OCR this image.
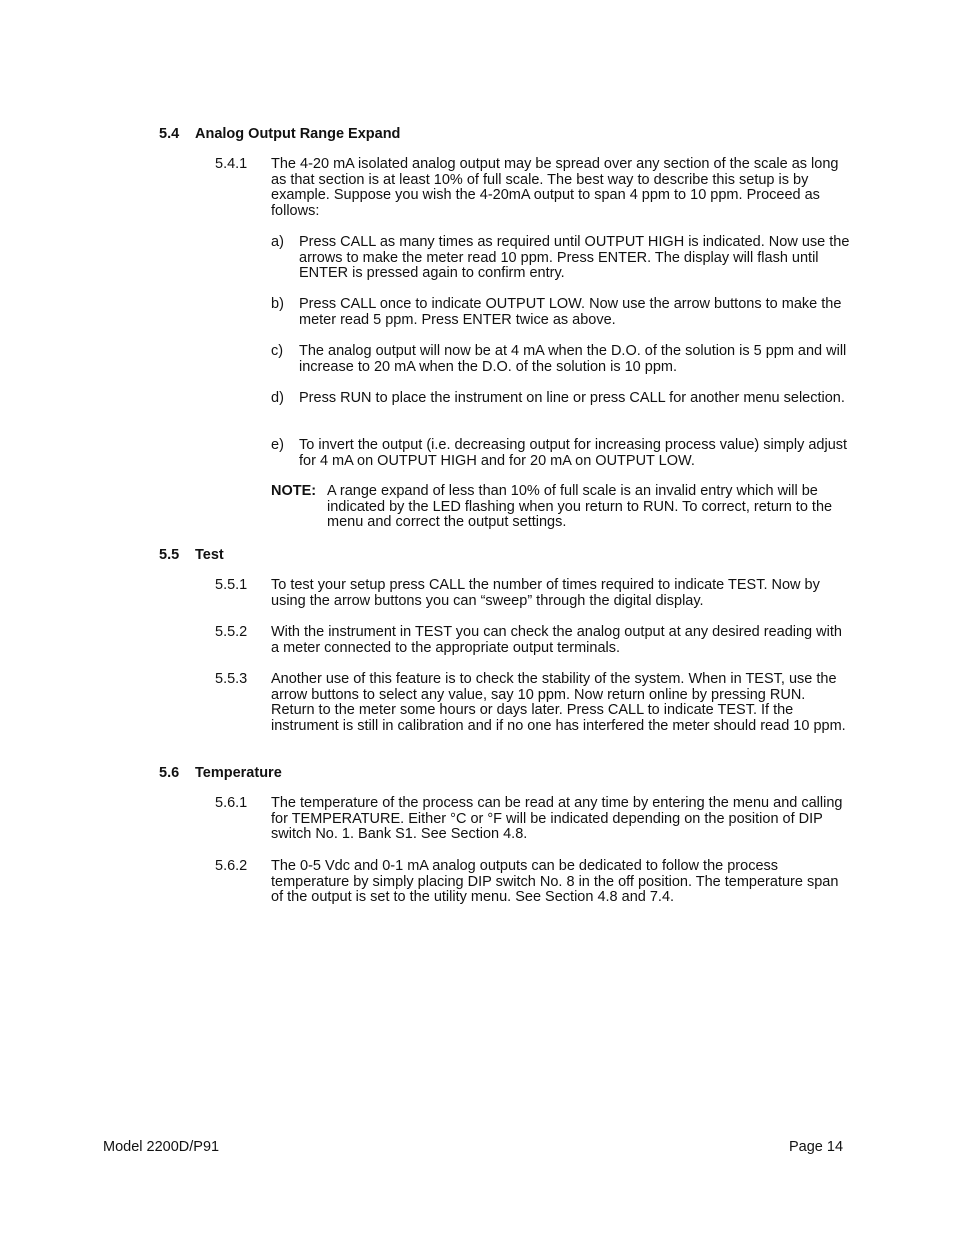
5.4 Analog Output Range Expand
5.4.1 The 4-20 mA isolated analog output may be spread over any section of the scale as long as that section is at least 10% of full scale. The best way to describe this setup is by example. Suppose you wish the 4-20mA output to span 4 ppm to 10 ppm. Proceed as follows:
a) Press CALL as many times as required until OUTPUT HIGH is indicated. Now use the arrows to make the meter read 10 ppm. Press ENTER. The display will flash until ENTER is pressed again to confirm entry.
b) Press CALL once to indicate OUTPUT LOW. Now use the arrow buttons to make the meter read 5 ppm. Press ENTER twice as above.
c) The analog output will now be at 4 mA when the D.O. of the solution is 5 ppm and will increase to 20 mA when the D.O. of the solution is 10 ppm.
d) Press RUN to place the instrument on line or press CALL for another menu selection.
e) To invert the output (i.e. decreasing output for increasing process value) simply adjust for 4 mA on OUTPUT HIGH and for 20 mA on OUTPUT LOW.
NOTE: A range expand of less than 10% of full scale is an invalid entry which will be indicated by the LED flashing when you return to RUN. To correct, return to the menu and correct the output settings.
5.5 Test
5.5.1 To test your setup press CALL the number of times required to indicate TEST. Now by using the arrow buttons you can “sweep” through the digital display.
5.5.2 With the instrument in TEST you can check the analog output at any desired reading with a meter connected to the appropriate output terminals.
5.5.3 Another use of this feature is to check the stability of the system. When in TEST, use the arrow buttons to select any value, say 10 ppm. Now return online by pressing RUN. Return to the meter some hours or days later. Press CALL to indicate TEST. If the instrument is still in calibration and if no one has interfered the meter should read 10 ppm.
5.6 Temperature
5.6.1 The temperature of the process can be read at any time by entering the menu and calling for TEMPERATURE. Either °C or °F will be indicated depending on the position of DIP switch No. 1. Bank S1. See Section 4.8.
5.6.2 The 0-5 Vdc and 0-1 mA analog outputs can be dedicated to follow the process temperature by simply placing DIP switch No. 8 in the off position. The temperature span of the output is set to the utility menu. See Section 4.8 and 7.4.
Model 2200D/P91	Page 14
